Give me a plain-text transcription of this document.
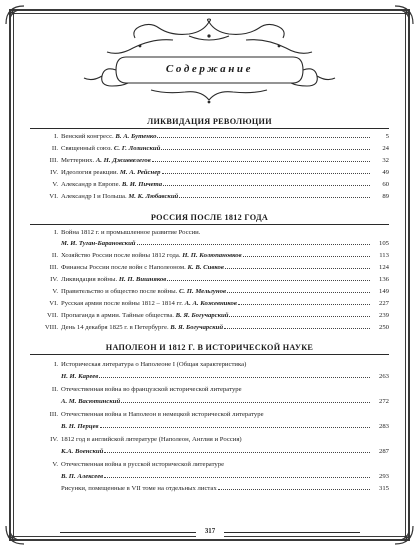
Содержание
ЛИКВИДАЦИЯ РЕВОЛЮЦИИ
I. Венский конгресс. В. А. Бутенко	5
II. Священный союз. С. Г. Лозинский	24
III. Меттерних. А. Н. Дживвелегов	32
IV. Идеология реакции. М. А. Рейснер	49
V. Александр в Европе. В. И. Пичета	60
VI. Александр I и Польша. М. К. Любавский	89
РОССИЯ ПОСЛЕ 1812 ГОДА
I. Война 1812 г. и промышленное развитие России.
М. И. Туган-Барановский	105
II. Хозяйство России после войны 1812 года. Н. П. Колюпановков	113
III. Финансы России после войн с Наполеоном. К. В. Сивков	124
IV. Ликвидация войны. Н. П. Вишняков	136
V. Правительство и общество после войны. С. П. Мельгунов	149
VI. Русская армия после войны 1812 – 1814 гг. А. А. Кожевников	227
VII. Пропаганда в армии. Тайные общества. В. Я. Богучарский	239
VIII. День 14 декабря 1825 г. в Петербурге. В. Я. Богучарский	250
НАПОЛЕОН И 1812 Г. В ИСТОРИЧЕСКОЙ НАУКЕ
I. Историческая литература о Наполеоне I (Общая характеристика)
Н. И. Кареев	263
II. Отечественная война во французской исторической литературе
А. М. Васютинский	272
III. Отечественная война и Наполеон в немецкой исторической литературе
В. Н. Перцев	283
IV. 1812 год в английской литературе (Наполеон, Англия и Россия)
К.А. Военский	287
V. Отечественная война в русской исторической литературе
В. П. Алексеев	293
Рисунки, помещенные в VII томе на отдельных листах	315
317
